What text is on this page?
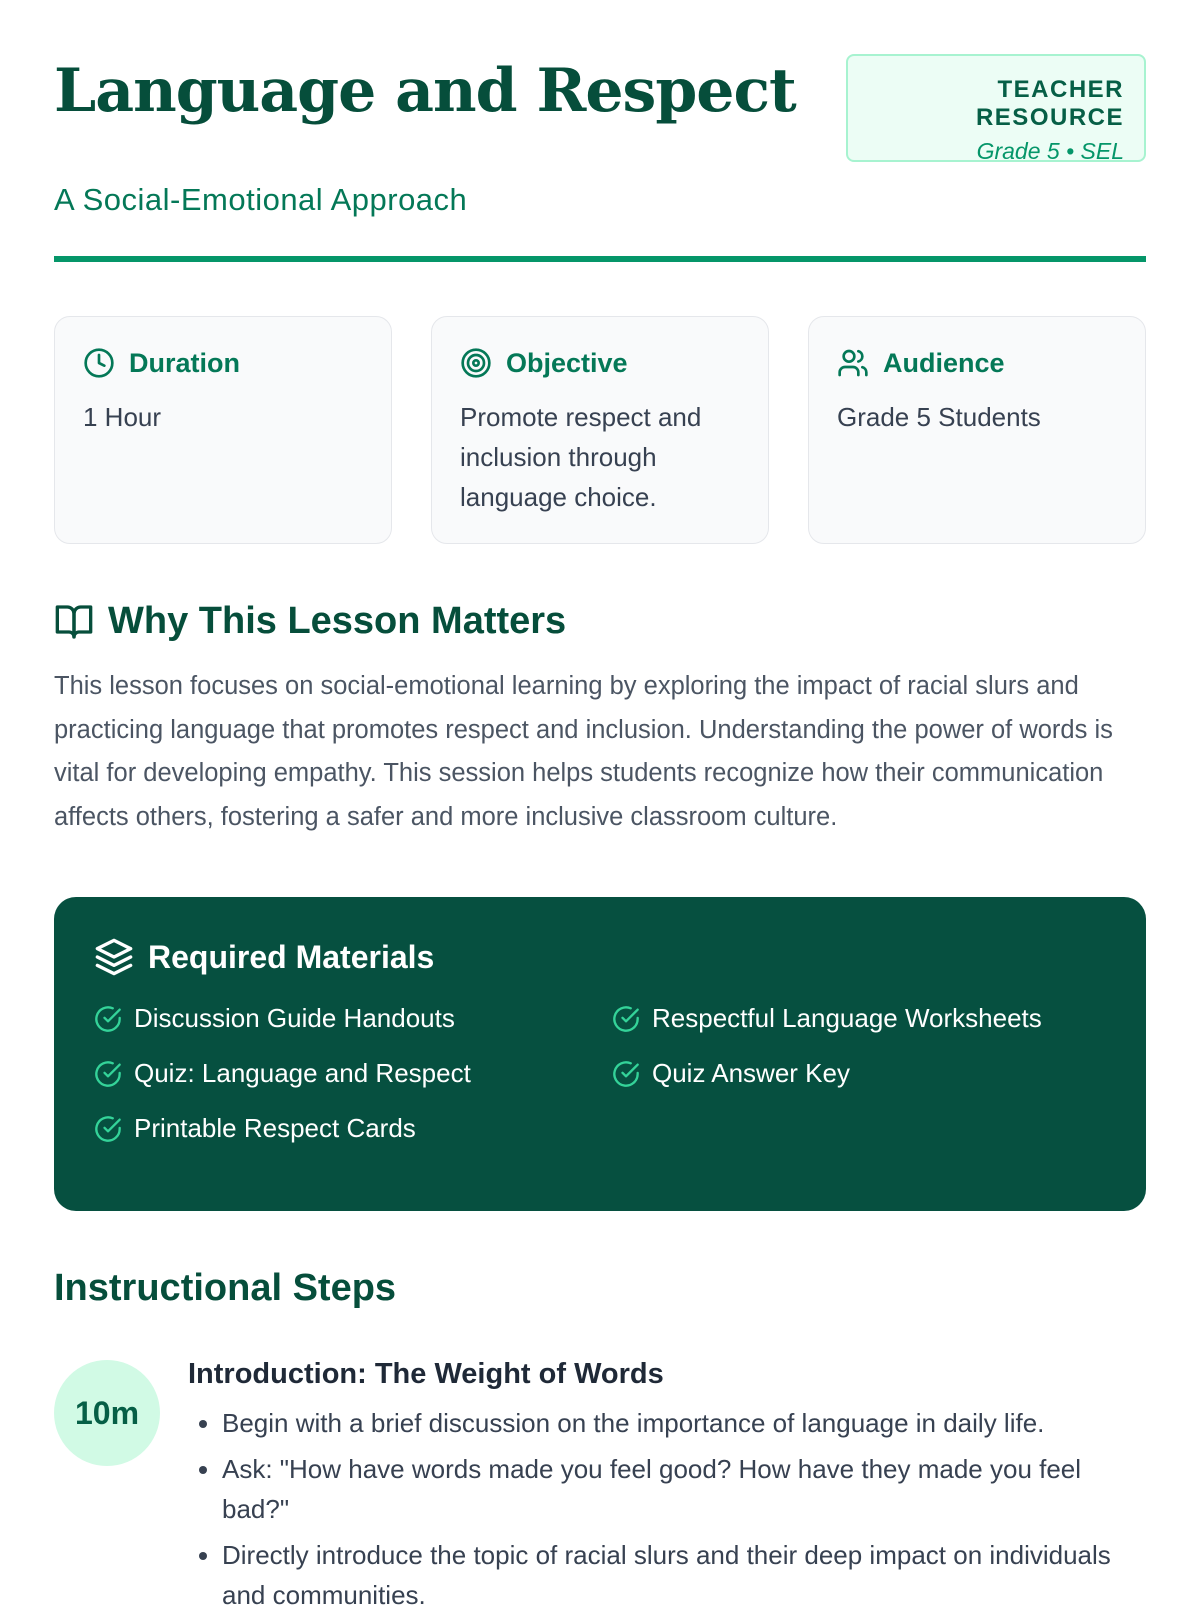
Language and Respect
A Social-Emotional Approach
TEACHER RESOURCE
Grade 5 • SEL
Duration
1 Hour
Objective
Promote respect and inclusion through language choice.
Audience
Grade 5 Students
Why This Lesson Matters
This lesson focuses on social-emotional learning by exploring the impact of racial slurs and practicing language that promotes respect and inclusion. Understanding the power of words is vital for developing empathy. This session helps students recognize how their communication affects others, fostering a safer and more inclusive classroom culture.
Required Materials
Discussion Guide Handouts	Respectful Language Worksheets
Quiz: Language and Respect	Quiz Answer Key
Printable Respect Cards
Instructional Steps
10m
Introduction: The Weight of Words
• Begin with a brief discussion on the importance of language in daily life.
• Ask: "How have words made you feel good? How have they made you feel bad?"
• Directly introduce the topic of racial slurs and their deep impact on individuals and communities.
